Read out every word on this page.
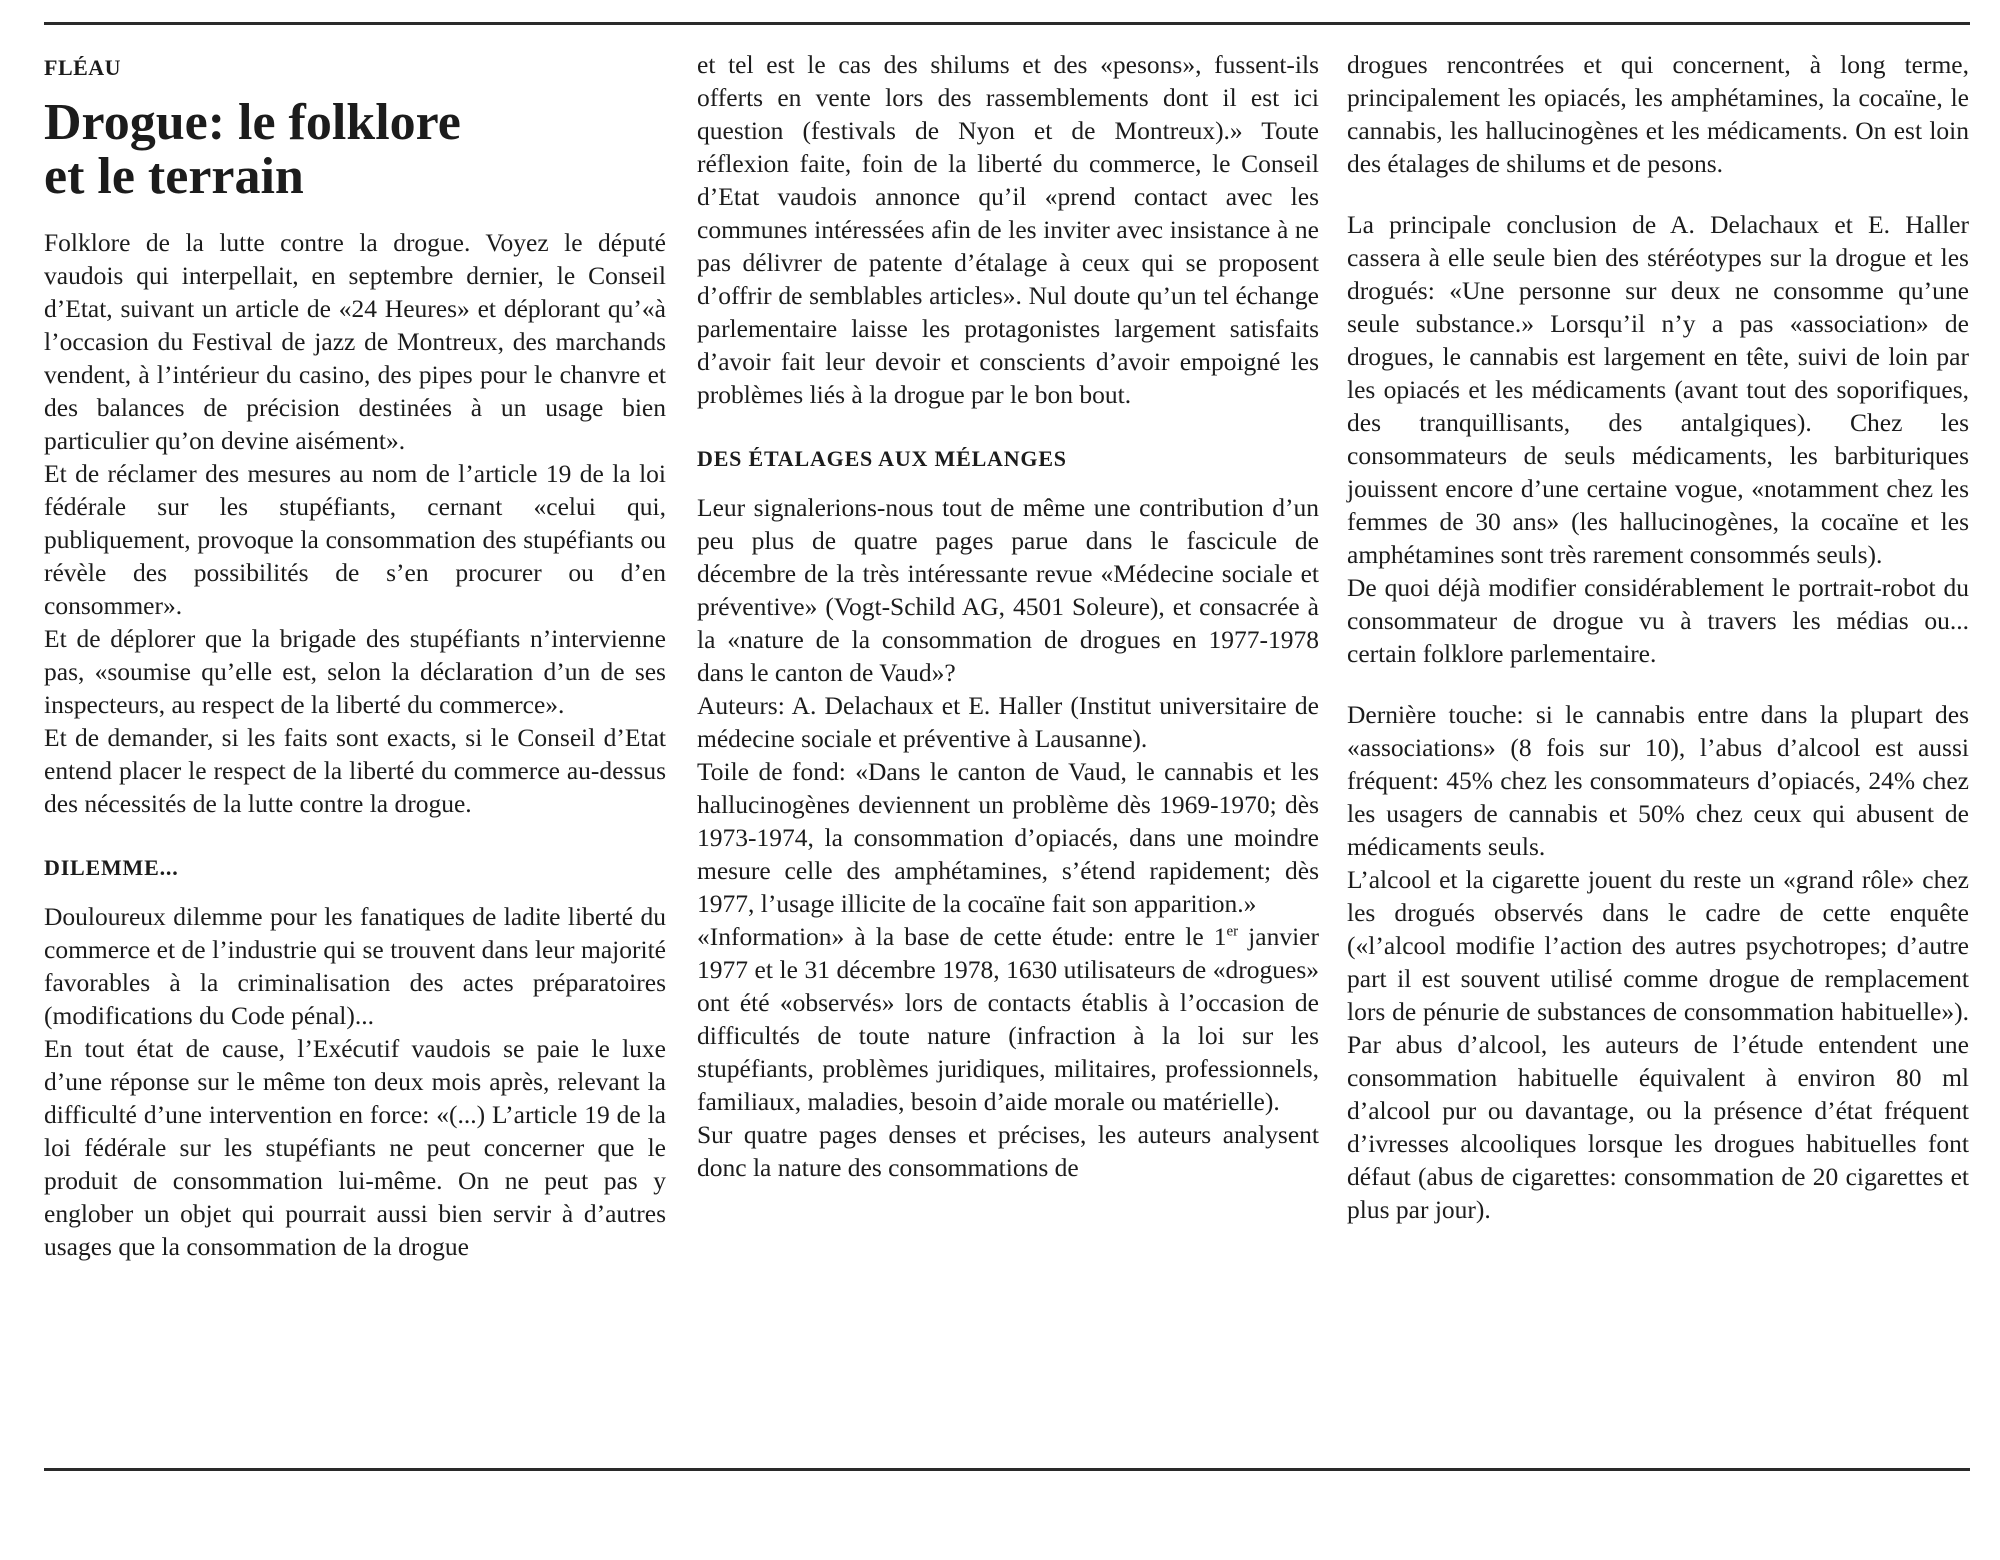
FLÉAU
Drogue: le folklore
et le terrain

Folklore de la lutte contre la drogue. Voyez le député vaudois qui interpellait, en septembre dernier, le Conseil d’Etat, suivant un article de «24 Heures» et déplorant qu’«à l’occasion du Festival de jazz de Montreux, des marchands vendent, à l’intérieur du casino, des pipes pour le chanvre et des balances de précision destinées à un usage bien particulier qu’on devine aisément».

Et de réclamer des mesures au nom de l’article 19 de la loi fédérale sur les stupéfiants, cernant «celui qui, publiquement, provoque la consommation des stupéfiants ou révèle des possibilités de s’en procurer ou d’en consommer».

Et de déplorer que la brigade des stupéfiants n’intervienne pas, «soumise qu’elle est, selon la déclaration d’un de ses inspecteurs, au respect de la liberté du commerce».

Et de demander, si les faits sont exacts, si le Conseil d’Etat entend placer le respect de la liberté du commerce au-dessus des nécessités de la lutte contre la drogue.

DILEMME...

Douloureux dilemme pour les fanatiques de ladite liberté du commerce et de l’industrie qui se trouvent dans leur majorité favorables à la criminalisation des actes préparatoires (modifications du Code pénal)...

En tout état de cause, l’Exécutif vaudois se paie le luxe d’une réponse sur le même ton deux mois après, relevant la difficulté d’une intervention en force: «(...) L’article 19 de la loi fédérale sur les stupéfiants ne peut concerner que le produit de consommation lui-même. On ne peut pas y englober un objet qui pourrait aussi bien servir à d’autres usages que la consommation de la drogue

et tel est le cas des shilums et des «pesons», fussent-ils offerts en vente lors des rassemblements dont il est ici question (festivals de Nyon et de Montreux).» Toute réflexion faite, foin de la liberté du commerce, le Conseil d’Etat vaudois annonce qu’il «prend contact avec les communes intéressées afin de les inviter avec insistance à ne pas délivrer de patente d’étalage à ceux qui se proposent d’offrir de semblables articles». Nul doute qu’un tel échange parlementaire laisse les protagonistes largement satisfaits d’avoir fait leur devoir et conscients d’avoir empoigné les problèmes liés à la drogue par le bon bout.

DES ÉTALAGES AUX MÉLANGES

Leur signalerions-nous tout de même une contribution d’un peu plus de quatre pages parue dans le fascicule de décembre de la très intéressante revue «Médecine sociale et préventive» (Vogt-Schild AG, 4501 Soleure), et consacrée à la «nature de la consommation de drogues en 1977-1978 dans le canton de Vaud»?

Auteurs: A. Delachaux et E. Haller (Institut universitaire de médecine sociale et préventive à Lausanne).

Toile de fond: «Dans le canton de Vaud, le cannabis et les hallucinogènes deviennent un problème dès 1969-1970; dès 1973-1974, la consommation d’opiacés, dans une moindre mesure celle des amphétamines, s’étend rapidement; dès 1977, l’usage illicite de la cocaïne fait son apparition.»

«Information» à la base de cette étude: entre le 1er janvier 1977 et le 31 décembre 1978, 1630 utilisateurs de «drogues» ont été «observés» lors de contacts établis à l’occasion de difficultés de toute nature (infraction à la loi sur les stupéfiants, problèmes juridiques, militaires, professionnels, familiaux, maladies, besoin d’aide morale ou matérielle).

Sur quatre pages denses et précises, les auteurs analysent donc la nature des consommations de

drogues rencontrées et qui concernent, à long terme, principalement les opiacés, les amphétamines, la cocaïne, le cannabis, les hallucinogènes et les médicaments. On est loin des étalages de shilums et de pesons.

La principale conclusion de A. Delachaux et E. Haller cassera à elle seule bien des stéréotypes sur la drogue et les drogués: «Une personne sur deux ne consomme qu’une seule substance.» Lorsqu’il n’y a pas «association» de drogues, le cannabis est largement en tête, suivi de loin par les opiacés et les médicaments (avant tout des soporifiques, des tranquillisants, des antalgiques). Chez les consommateurs de seuls médicaments, les barbituriques jouissent encore d’une certaine vogue, «notamment chez les femmes de 30 ans» (les hallucinogènes, la cocaïne et les amphétamines sont très rarement consommés seuls).

De quoi déjà modifier considérablement le portrait-robot du consommateur de drogue vu à travers les médias ou... certain folklore parlementaire.

Dernière touche: si le cannabis entre dans la plupart des «associations» (8 fois sur 10), l’abus d’alcool est aussi fréquent: 45% chez les consommateurs d’opiacés, 24% chez les usagers de cannabis et 50% chez ceux qui abusent de médicaments seuls.

L’alcool et la cigarette jouent du reste un «grand rôle» chez les drogués observés dans le cadre de cette enquête («l’alcool modifie l’action des autres psychotropes; d’autre part il est souvent utilisé comme drogue de remplacement lors de pénurie de substances de consommation habituelle»). Par abus d’alcool, les auteurs de l’étude entendent une consommation habituelle équivalent à environ 80 ml d’alcool pur ou davantage, ou la présence d’état fréquent d’ivresses alcooliques lorsque les drogues habituelles font défaut (abus de cigarettes: consommation de 20 cigarettes et plus par jour).
